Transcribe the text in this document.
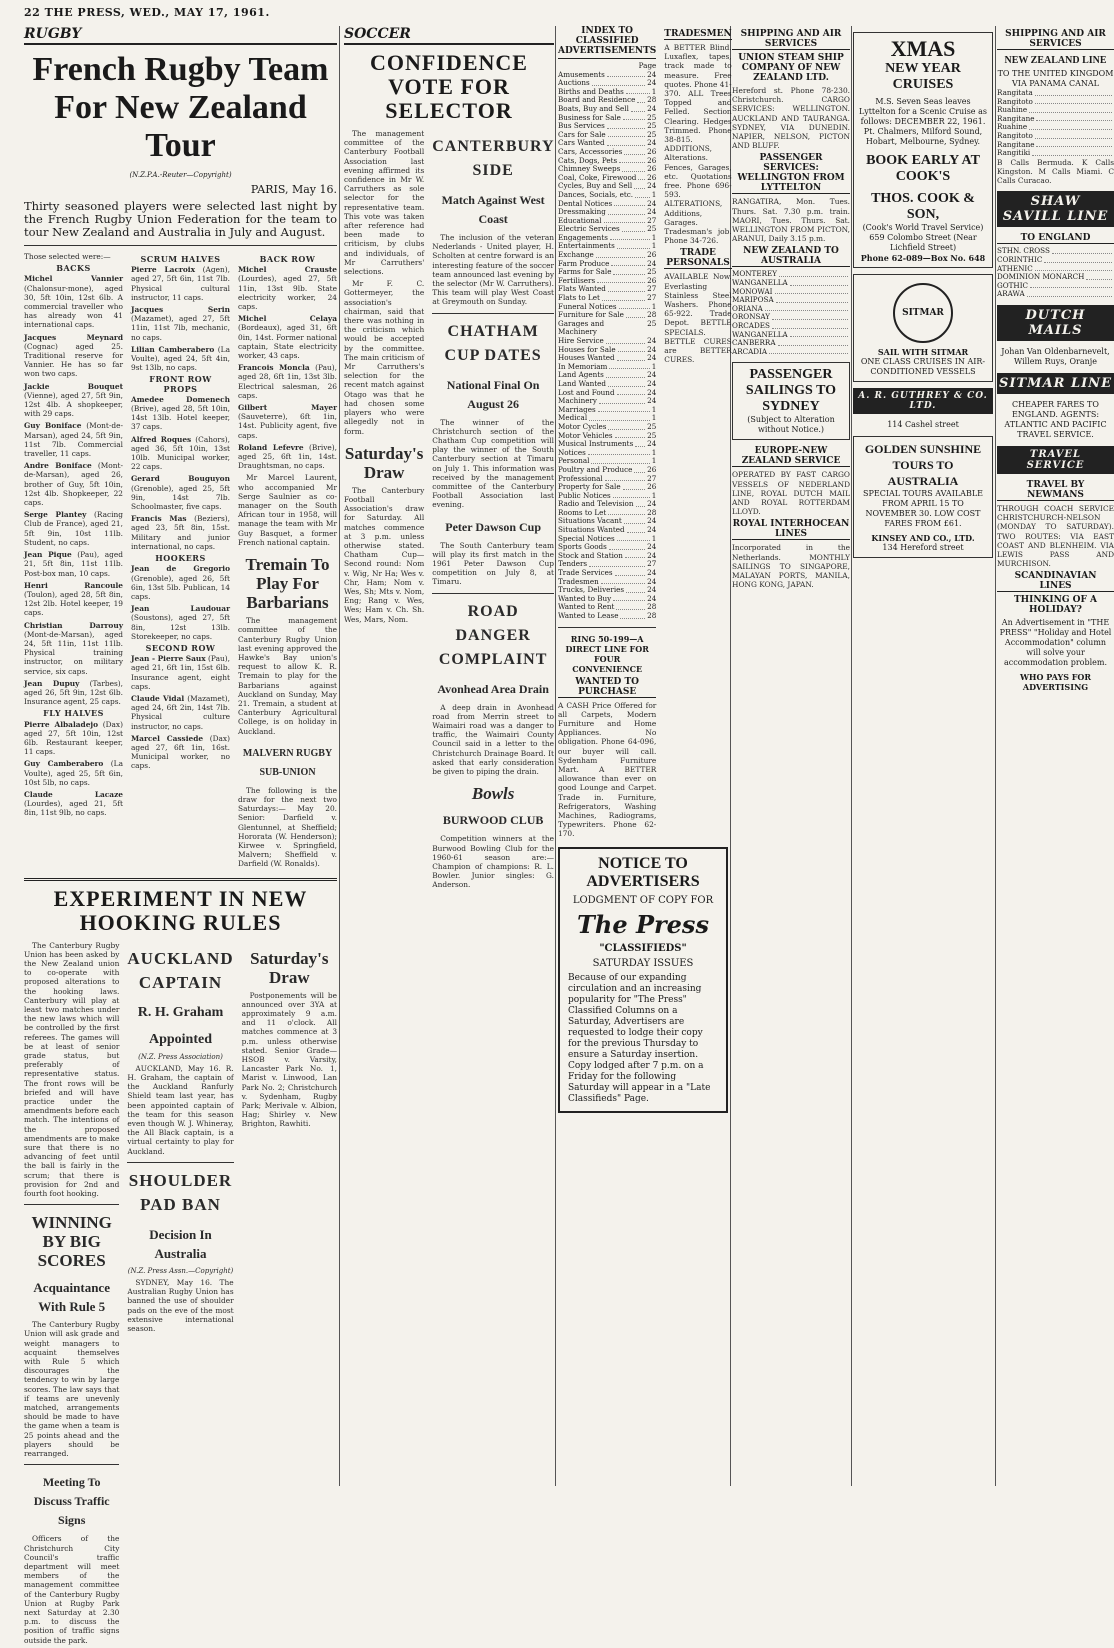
22 THE PRESS, WED., MAY 17, 1961.
RUGBY
French Rugby Team For New Zealand Tour
(N.Z.P.A.-Reuter—Copyright)
PARIS, May 16.
Thirty seasoned players were selected last night by the French Rugby Union Federation for the team to tour New Zealand and Australia in July and August.
Those selected were:—
BACKS
Michel Vannier (Chalonsur-mone), aged 30, 5ft 10in, 12st 6lb. A commercial traveller who has already won 41 international caps.
Jacques Meynard (Cognac) aged 25. Traditional reserve for Vannier. He has so far won two caps.
Jackie Bouquet (Vienne), aged 27, 5ft 9in, 12st 4lb. A shopkeeper, with 29 caps.
Guy Boniface (Mont-de-Marsan), aged 24, 5ft 9in, 11st 7lb. Commercial traveller, 11 caps.
Andre Boniface (Mont-de-Marsan), aged 26, brother of Guy, 5ft 10in, 12st 4lb. Shopkeeper, 22 caps.
Serge Plantey (Racing Club de France), aged 21, 5ft 9in, 10st 11lb. Student, no caps.
Jean Pique (Pau), aged 21, 5ft 8in, 11st 11lb. Post-box man, 10 caps.
Henri Rancoule (Toulon), aged 28, 5ft 8in, 12st 2lb. Hotel keeper, 19 caps.
Christian Darrouy (Mont-de-Marsan), aged 24, 5ft 11in, 11st 11lb. Physical training instructor, on military service, six caps.
Jean Dupuy (Tarbes), aged 26, 5ft 9in, 12st 6lb. Insurance agent, 25 caps.
FLY HALVES
Pierre Albaladejo (Dax) aged 27, 5ft 10in, 12st 6lb. Restaurant keeper, 11 caps.
Guy Camberabero (La Voulte), aged 25, 5ft 6in, 10st 5lb, no caps.
Claude Lacaze (Lourdes), aged 21, 5ft 8in, 11st 9lb, no caps.
SCRUM HALVES
Pierre Lacroix (Agen), aged 27, 5ft 6in, 11st 7lb. Physical cultural instructor, 11 caps.
Jacques Serin (Mazamet), aged 27, 5ft 11in, 11st 7lb, mechanic, no caps.
Lilian Camberabero (La Voulte), aged 24, 5ft 4in, 9st 13lb, no caps.
FRONT ROW PROPS
Amedee Domenech (Brive), aged 28, 5ft 10in, 14st 13lb. Hotel keeper, 37 caps.
Alfred Roques (Cahors), aged 36, 5ft 10in, 13st 10lb. Municipal worker, 22 caps.
Gerard Bouguyon (Grenoble), aged 25, 5ft 9in, 14st 7lb. Schoolmaster, five caps.
Francis Mas (Beziers), aged 23, 5ft 8in, 15st. Military and junior international, no caps.
HOOKERS
Jean de Gregorio (Grenoble), aged 26, 5ft 6in, 13st 5lb. Publican, 14 caps.
Jean Laudouar (Soustons), aged 27, 5ft 8in, 12st 13lb. Storekeeper, no caps.
SECOND ROW
Jean - Pierre Saux (Pau), aged 21, 6ft 1in, 15st 6lb. Insurance agent, eight caps.
Claude Vidal (Mazamet), aged 24, 6ft 2in, 14st 7lb. Physical culture instructor, no caps.
Marcel Cassiede (Dax) aged 27, 6ft 1in, 16st. Municipal worker, no caps.
BACK ROW
Michel Crauste (Lourdes), aged 27, 5ft 11in, 13st 9lb. State electricity worker, 24 caps.
Michel Celaya (Bordeaux), aged 31, 6ft 0in, 14st. Former national captain, State electricity worker, 43 caps.
Francois Moncla (Pau), aged 28, 6ft 1in, 13st 3lb. Electrical salesman, 26 caps.
Gilbert Mayer (Sauveterre), 6ft 1in, 14st. Publicity agent, five caps.
Roland Lefevre (Brive), aged 25, 6ft 1in, 14st. Draughtsman, no caps.

Mr Marcel Laurent, who accompanied Mr Serge Saulnier as co-manager on the South African tour in 1958, will manage the team with Mr Guy Basquet, a former French national captain.

Tremain To Play For Barbarians

The management committee of the Canterbury Rugby Union last evening approved the Hawke's Bay union's request to allow K. R. Tremain to play for the Barbarians against Auckland on Sunday, May 21. Tremain, a student at Canterbury Agricultural College, is on holiday in Auckland.

MALVERN RUGBY SUB-UNION

The following is the draw for the next two Saturdays:— May 20. Senior: Darfield v. Glentunnel, at Sheffield; Hororata (W. Henderson); Kirwee v. Springfield, Malvern; Sheffield v. Darfield (W. Ronalds).

EXPERIMENT IN NEW HOOKING RULES

The Canterbury Rugby Union has been asked by the New Zealand union to co-operate with proposed alterations to the hooking laws. Canterbury will play at least two matches under the new laws which will be controlled by the first referees. The games will be at least of senior grade status, but preferably of representative status. The front rows will be briefed and will have practice under the amendments before each match. The intentions of the proposed amendments are to make sure that there is no advancing of feet until the ball is fairly in the scrum; that there is provision for 2nd and fourth foot hooking.

WINNING BY BIG SCORES
Acquaintance With Rule 5

The Canterbury Rugby Union will ask grade and weight managers to acquaint themselves with Rule 5 which discourages the tendency to win by large scores. The law says that if teams are unevenly matched, arrangements should be made to have the game when a team is 25 points ahead and the players should be rearranged.

Meeting To Discuss Traffic Signs

Officers of the Christchurch City Council's traffic department will meet members of the management committee of the Canterbury Rugby Union at Rugby Park next Saturday at 2.30 p.m. to discuss the position of traffic signs outside the park.

AUCKLAND CAPTAIN
R. H. Graham
Appointed
(N.Z. Press Association)

AUCKLAND, May 16. R. H. Graham, the captain of the Auckland Ranfurly Shield team last year, has been appointed captain of the team for this season even though W. J. Whineray, the All Black captain, is a virtual certainty to play for Auckland.

SHOULDER PAD BAN
Decision In Australia
(N.Z. Press Assn.—Copyright)

SYDNEY, May 16. The Australian Rugby Union has banned the use of shoulder pads on the eve of the most extensive international season.

Saturday's Draw

Postponements will be announced over 3YA at approximately 9 a.m. and 11 o'clock. All matches commence at 3 p.m. unless otherwise stated. Senior Grade—HSOB v. Varsity, Lancaster Park No. 1, Marist v. Linwood, Lan Park No. 2; Christchurch v. Sydenham, Rugby Park; Merivale v. Albion, Hag; Shirley v. New Brighton, Rawhiti.

SOCCER
CONFIDENCE VOTE FOR SELECTOR

The management committee of the Canterbury Football Association last evening affirmed its confidence in Mr W. Carruthers as sole selector for the representative team. This vote was taken after reference had been made to criticism, by clubs and individuals, of Mr Carruthers' selections.

Mr F. C. Gottermeyer, the association's chairman, said that there was nothing in the criticism which would be accepted by the committee. The main criticism of Mr Carruthers's selection for the recent match against Otago was that he had chosen some players who were allegedly not in form.

Saturday's Draw

The Canterbury Football Association's draw for Saturday. All matches commence at 3 p.m. unless otherwise stated. Chatham Cup—Second round: Nom v. Wig, Nr Ha; Wes v. Chr, Ham; Nom v. Wes, Sh; Mts v. Nom, Eng; Rang v. Wes, Wes; Ham v. Ch. Sh. Wes, Mars, Nom.

CANTERBURY SIDE
Match Against West Coast

The inclusion of the veteran Nederlands - United player, H. Scholten at centre forward is an interesting feature of the soccer team announced last evening by the selector (Mr W. Carruthers). This team will play West Coast at Greymouth on Sunday.

CHATHAM CUP DATES
National Final On August 26

The winner of the Christchurch section of the Chatham Cup competition will play the winner of the South Canterbury section at Timaru on July 1. This information was received by the management committee of the Canterbury Football Association last evening.

Peter Dawson Cup

The South Canterbury team will play its first match in the 1961 Peter Dawson Cup competition on July 8, at Timaru.

ROAD DANGER COMPLAINT
Avonhead Area Drain

A deep drain in Avonhead road from Merrin street to Waimairi road was a danger to traffic, the Waimairi County Council said in a letter to the Christchurch Drainage Board. It asked that early consideration be given to piping the drain.

Bowls
BURWOOD CLUB

Competition winners at the Burwood Bowling Club for the 1960-61 season are:— Champion of champions: R. L. Bowler. Junior singles: G. Anderson.

INDEX TO CLASSIFIED ADVERTISEMENTS
Page
Amusements	24
Auctions	24
Births and Deaths	1
Board and Residence 28
Boats, Buy and Sell	24
Business for Sale	25
Bus Services	25
Cars for Sale	25
Cars Wanted	24
Cars, Accessories	26
Cats, Dogs, Pets	26
Chimney Sweeps	26
Coal, Coke, Firewood 26
Cycles, Buy and Sell 24
Dances, Socials, etc.	1
Dental Notices	24
Dressmaking	24
Educational	27
Electric Services	25
Engagements	1
Entertainments	1
Exchange	26
Farm Produce	24
Farms for Sale	25
Fertilisers	26
Flats Wanted	27
Flats to Let	27
Funeral Notices	1
Furniture for Sale	28
Garages and Machinery
25
Hire Service	24
Houses for Sale	24
Houses Wanted	24
In Memoriam	1
Land Agents	24
Land Wanted	24
Lost and Found	24
Machinery	24
Marriages	1
Medical	1
Motor Cycles	25
Motor Vehicles	25
Musical Instruments 24
Notices	1
Personal	1
Poultry and Produce 26
Professional	27
Property for Sale	26
Public Notices	1
Radio and Television 24
Rooms to Let	28
Situations Vacant	24
Situations Wanted	24
Special Notices	1
Sports Goods	24
Stock and Station	24
Tenders	27
Trade Services	24
Tradesmen	24
Trucks, Deliveries	24
Wanted to Buy	24
Wanted to Rent	28
Wanted to Lease	28
RING 50-199—A DIRECT LINE FOR FOUR CONVENIENCE
WANTED TO PURCHASE
A CASH Price Offered for all Carpets, Modern Furniture and Home Appliances. No obligation. Phone 64-096, our buyer will call. Sydenham Furniture Mart. A BETTER allowance than ever on good Lounge and Carpet. Trade in. Furniture, Refrigerators, Washing Machines, Radiograms, Typewriters. Phone 62-170.
TRADESMEN
A BETTER Blind. Luxaflex, tapes, track made to measure. Free quotes. Phone 41-370. ALL Trees Topped and Felled. Section Clearing. Hedges Trimmed. Phone 38-815. ADDITIONS, Alterations. Fences, Garages, etc. Quotations free. Phone 696-593. ALTERATIONS, Additions, Garages. Tradesman's job. Phone 34-726.
TRADE PERSONALS
AVAILABLE Now. Everlasting Stainless Steel Washers. Phone 65-922. Trade Depot. BETTLE SPECIALS. BETTLE CURES are BETTER CURES.
NOTICE TO ADVERTISERS
LODGMENT OF COPY FOR
The Press
"CLASSIFIEDS"
SATURDAY ISSUES
Because of our expanding circulation and an increasing popularity for "The Press" Classified Columns on a Saturday, Advertisers are requested to lodge their copy for the previous Thursday to ensure a Saturday insertion. Copy lodged after 7 p.m. on a Friday for the following Saturday will appear in a "Late Classifieds" Page.
SHIPPING AND AIR SERVICES
UNION STEAM SHIP COMPANY OF NEW ZEALAND LTD.
Hereford st. Phone 78-230. Christchurch. CARGO SERVICES: WELLINGTON. AUCKLAND AND TAURANGA. SYDNEY, VIA DUNEDIN. NAPIER, NELSON, PICTON AND BLUFF.
PASSENGER SERVICES: WELLINGTON FROM LYTTELTON
RANGATIRA, Mon. Tues. Thurs. Sat. 7.30 p.m. train. MAORI, Tues. Thurs. Sat. WELLINGTON FROM PICTON, ARANUI, Daily 3.15 p.m.
NEW ZEALAND TO AUSTRALIA
MONTEREY
WANGANELLA
MONOWAI
MARIPOSA
ORIANA
ORONSAY
ORCADES
WANGANELLA
CANBERRA
ARCADIA
PASSENGER SAILINGS TO SYDNEY
(Subject to Alteration without Notice.)
EUROPE-NEW ZEALAND SERVICE
OPERATED BY FAST CARGO VESSELS OF NEDERLAND LINE, ROYAL DUTCH MAIL AND ROYAL ROTTERDAM LLOYD.
ROYAL INTERHOCEAN LINES
Incorporated in the Netherlands. MONTHLY SAILINGS TO SINGAPORE, MALAYAN PORTS, MANILA, HONG KONG, JAPAN.
XMAS
NEW YEAR CRUISES
M.S. Seven Seas leaves Lyttelton for a Scenic Cruise as follows: DECEMBER 22, 1961. Pt. Chalmers, Milford Sound, Hobart, Melbourne, Sydney.
BOOK EARLY AT COOK'S
THOS. COOK & SON,
(Cook's World Travel Service)
659 Colombo Street (Near Lichfield Street)
Phone 62-089—Box No. 648
SITMAR
SAIL WITH SITMAR
ONE CLASS CRUISES IN AIR-CONDITIONED VESSELS
A. R. GUTHREY & CO. LTD.
114 Cashel street
GOLDEN SUNSHINE TOURS TO AUSTRALIA
SPECIAL TOURS AVAILABLE FROM APRIL 15 TO NOVEMBER 30. LOW COST FARES FROM £61.
KINSEY AND CO., LTD.
134 Hereford street
SHIPPING AND AIR SERVICES
NEW ZEALAND LINE
TO THE UNITED KINGDOM VIA PANAMA CANAL
Rangitata
Rangitoto
Ruahine
Rangitane
Ruahine
Rangitoto
Rangitane
Rangitiki
B Calls Bermuda. K Calls Kingston. M Calls Miami. C Calls Curacao.
SHAW SAVILL LINE
TO ENGLAND
STHN. CROSS
CORINTHIC
ATHENIC
DOMINION MONARCH
GOTHIC
ARAWA
DUTCH MAILS
Johan Van Oldenbarnevelt, Willem Ruys, Oranje
SITMAR LINE
CHEAPER FARES TO ENGLAND. AGENTS: ATLANTIC AND PACIFIC TRAVEL SERVICE.
TRAVEL SERVICE
TRAVEL BY NEWMANS
THROUGH COACH SERVICE CHRISTCHURCH-NELSON (MONDAY TO SATURDAY). TWO ROUTES: VIA EAST COAST AND BLENHEIM. VIA LEWIS PASS AND MURCHISON.
SCANDINAVIAN LINES
THINKING OF A HOLIDAY?
An Advertisement in "THE PRESS" "Holiday and Hotel Accommodation" column will solve your accommodation problem.
WHO PAYS FOR ADVERTISING
